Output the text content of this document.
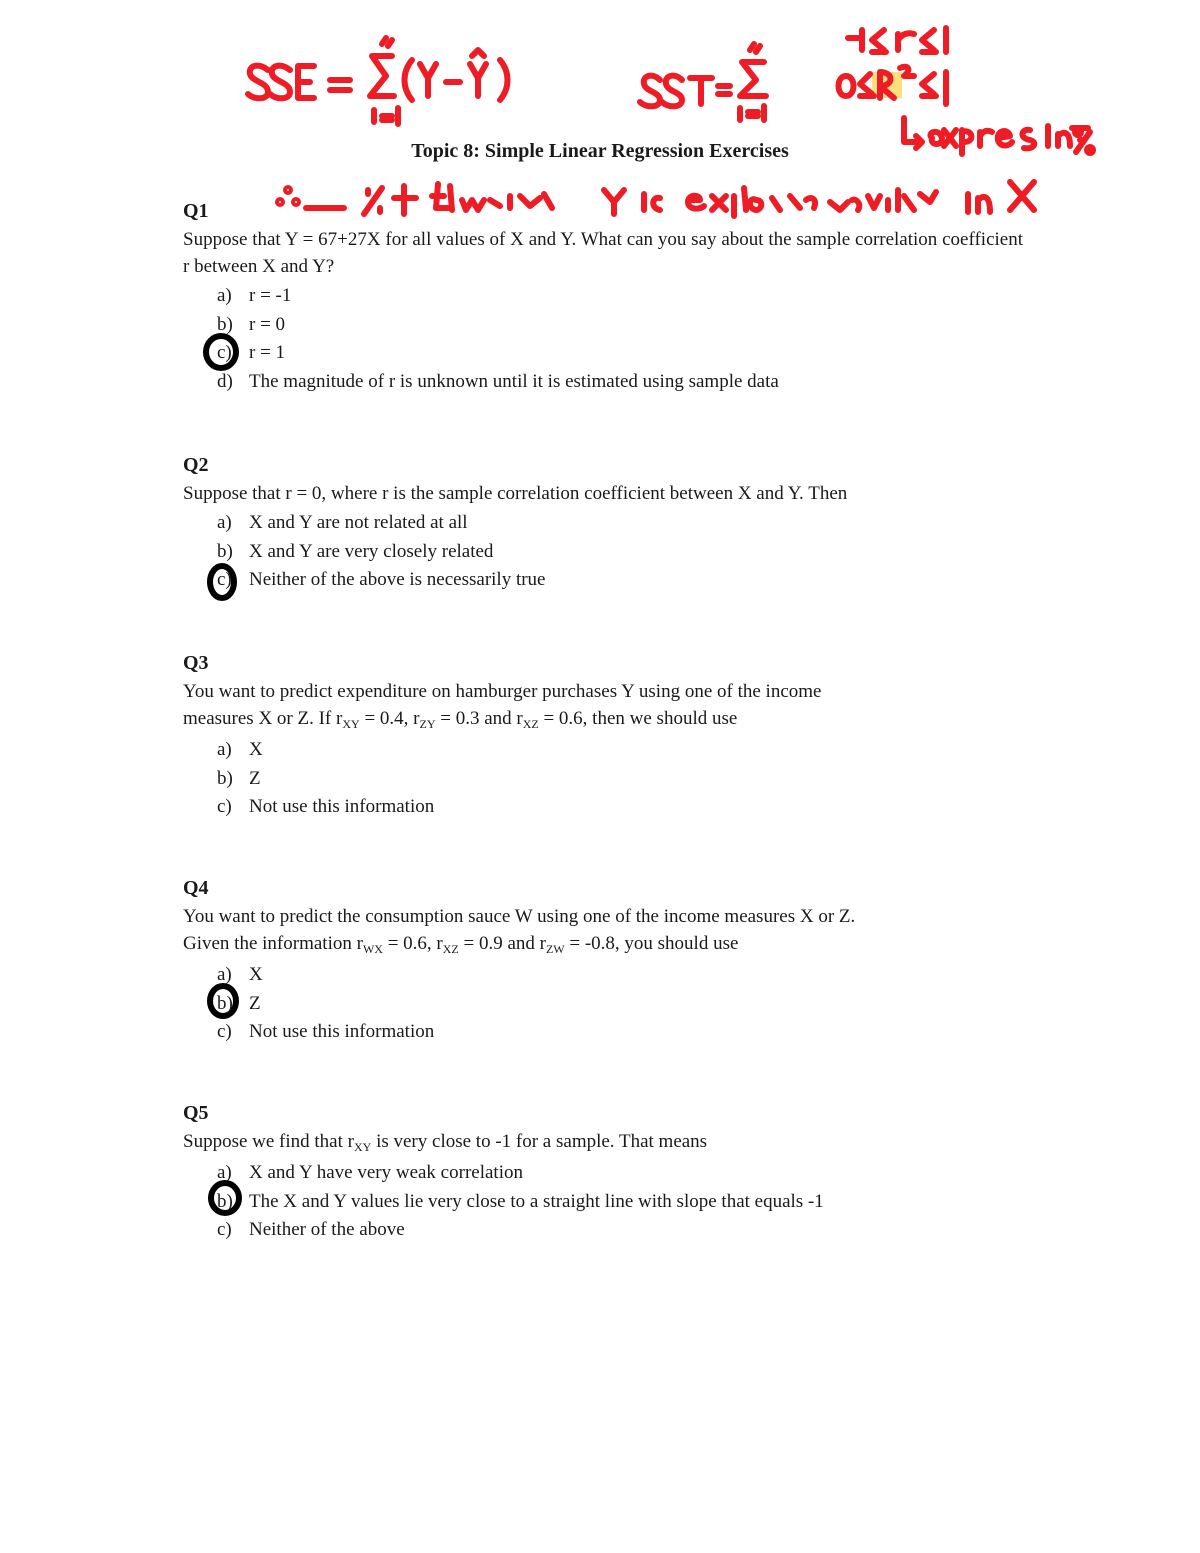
Topic 8: Simple Linear Regression Exercises
Q1
Suppose that Y = 67+27X for all values of X and Y. What can you say about the sample correlation coefficient r between X and Y?
a) r = -1
b) r = 0
c) r = 1
d) The magnitude of r is unknown until it is estimated using sample data
Q2
Suppose that r = 0, where r is the sample correlation coefficient between X and Y. Then
a) X and Y are not related at all
b) X and Y are very closely related
c) Neither of the above is necessarily true
Q3
You want to predict expenditure on hamburger purchases Y using one of the income
measures X or Z. If $r_{XY} = 0.4$, $r_{ZY} = 0.3$ and $r_{XZ} = 0.6$, then we should use
a) X
b) Z
c) Not use this information
Q4
You want to predict the consumption sauce W using one of the income measures X or Z.
Given the information $r_{WX} = 0.6$, $r_{XZ} = 0.9$ and $r_{ZW} = -0.8$, you should use
a) X
b) Z
c) Not use this information
Q5
Suppose we find that $r_{XY}$ is very close to -1 for a sample. That means
a) X and Y have very weak correlation
b) The X and Y values lie very close to a straight line with slope that equals -1
c) Neither of the above
